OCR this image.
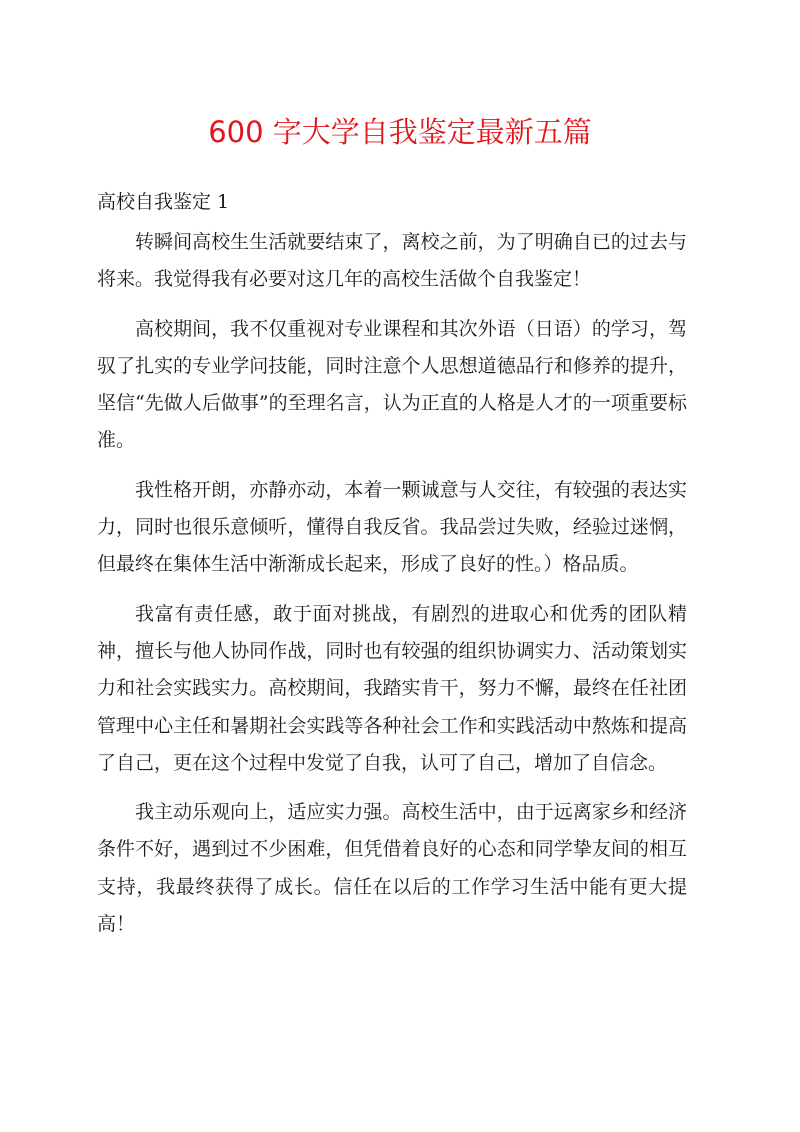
600 字大学自我鉴定最新五篇
高校自我鉴定 1

转瞬间高校生生活就要结束了，离校之前，为了明确自已的过去与将来。我觉得我有必要对这几年的高校生活做个自我鉴定！

高校期间，我不仅重视对专业课程和其次外语（日语）的学习，驾驭了扎实的专业学问技能，同时注意个人思想道德品行和修养的提升，坚信“先做人后做事”的至理名言，认为正直的人格是人才的一项重要标准。

我性格开朗，亦静亦动，本着一颗诚意与人交往，有较强的表达实力，同时也很乐意倾听，懂得自我反省。我品尝过失败，经验过迷惘，但最终在集体生活中渐渐成长起来，形成了良好的性。）格品质。

我富有责任感，敢于面对挑战，有剧烈的进取心和优秀的团队精神，擅长与他人协同作战，同时也有较强的组织协调实力、活动策划实力和社会实践实力。高校期间，我踏实肯干，努力不懈，最终在任社团管理中心主任和暑期社会实践等各种社会工作和实践活动中熬炼和提高了自己，更在这个过程中发觉了自我，认可了自己，增加了自信念。

我主动乐观向上，适应实力强。高校生活中，由于远离家乡和经济条件不好，遇到过不少困难，但凭借着良好的心态和同学挚友间的相互支持，我最终获得了成长。信任在以后的工作学习生活中能有更大提高！
